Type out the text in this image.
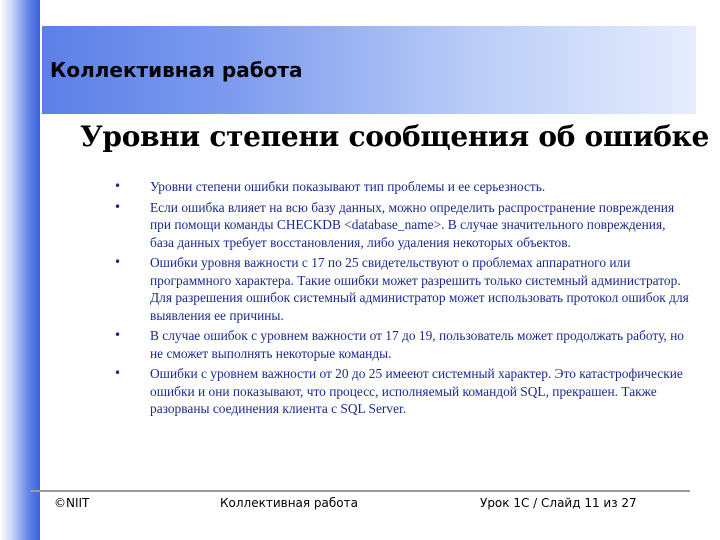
Коллективная работа
Уровни степени сообщения об ошибке
• Уровни степени ошибки показывают тип проблемы и ее серьезность.
• Если ошибка влияет на всю базу данных, можно определить распространение повреждения при помощи команды CHECKDB <database_name>. В случае значительного повреждения, база данных требует восстановления, либо удаления некоторых объектов.
• Ошибки уровня важности с 17 по 25 свидетельствуют о проблемах аппаратного или программного характера. Такие ошибки может разрешить только системный администратор. Для разрешения ошибок системный администратор может использовать протокол ошибок для выявления ее причины.
• В случае ошибок с уровнем важности от 17 до 19, пользователь может продолжать работу, но не сможет выполнять некоторые команды.
• Ошибки с уровнем важности от 20 до 25 имееют системный характер. Это катастрофические ошибки и они показывают, что процесс, исполняемый командой SQL, прекрашен. Также разорваны соединения клиента с SQL Server.

©NIIT	Коллективная работа	Урок 1C / Слайд 11 из 27
